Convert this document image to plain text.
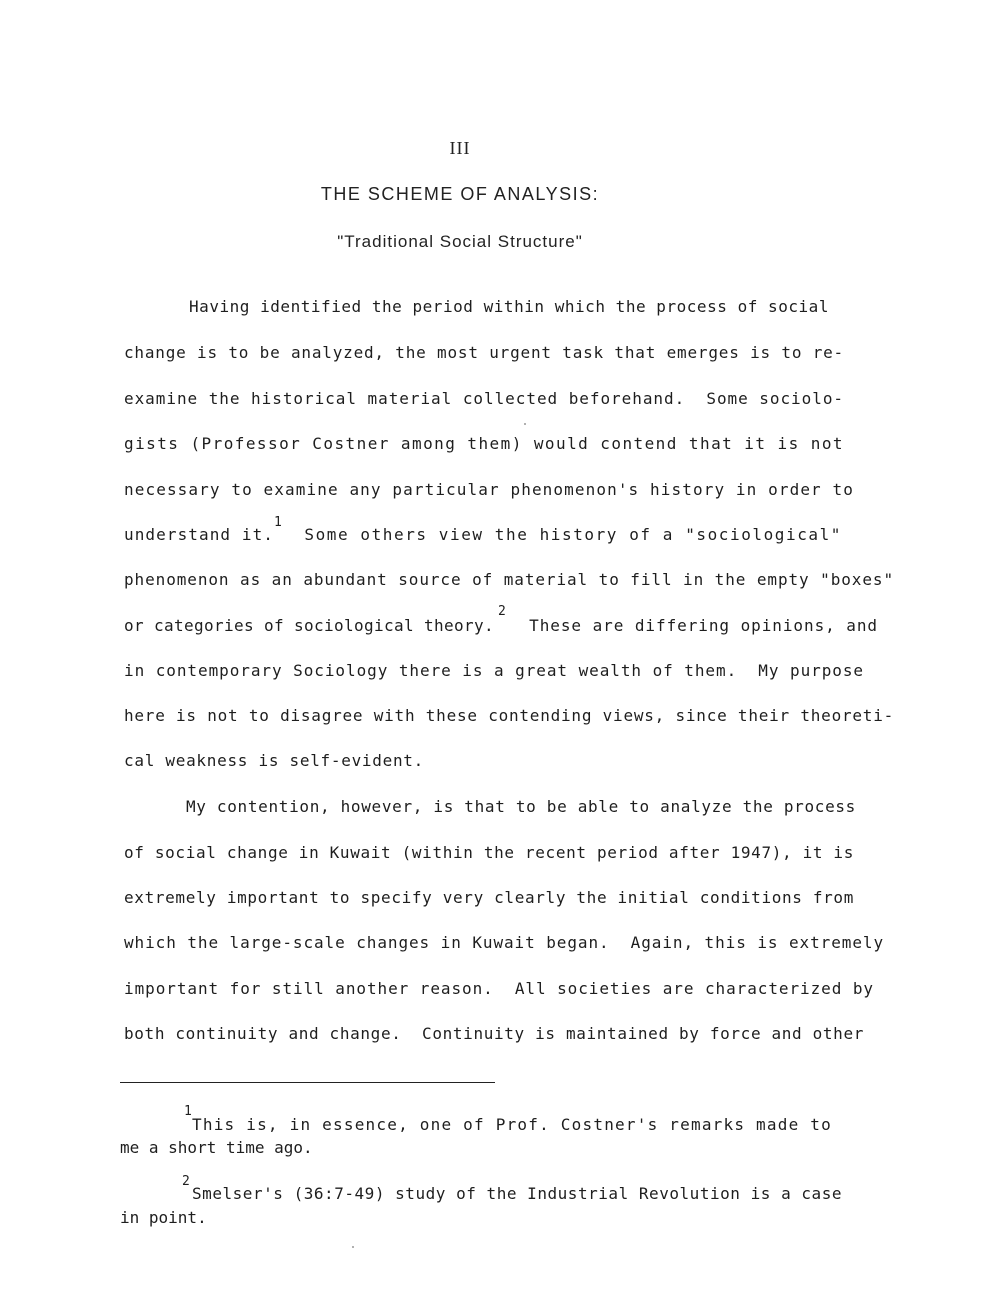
III
THE SCHEME OF ANALYSIS:
"Traditional Social Structure"
Having identified the period within which the process of social
change is to be analyzed, the most urgent task that emerges is to re-
examine the historical material collected beforehand.  Some sociolo-
gists (Professor Costner among them) would contend that it is not
necessary to examine any particular phenomenon's history in order to
understand it.
1
Some others view the history of a "sociological"
phenomenon as an abundant source of material to fill in the empty "boxes"
or categories of sociological theory.
2
These are differing opinions, and
in contemporary Sociology there is a great wealth of them.  My purpose
here is not to disagree with these contending views, since their theoreti-
cal weakness is self-evident.
My contention, however, is that to be able to analyze the process
of social change in Kuwait (within the recent period after 1947), it is
extremely important to specify very clearly the initial conditions from
which the large-scale changes in Kuwait began.  Again, this is extremely
important for still another reason.  All societies are characterized by
both continuity and change.  Continuity is maintained by force and other
1
This is, in essence, one of Prof. Costner's remarks made to
me a short time ago.
2
Smelser's (36:7-49) study of the Industrial Revolution is a case
in point.
